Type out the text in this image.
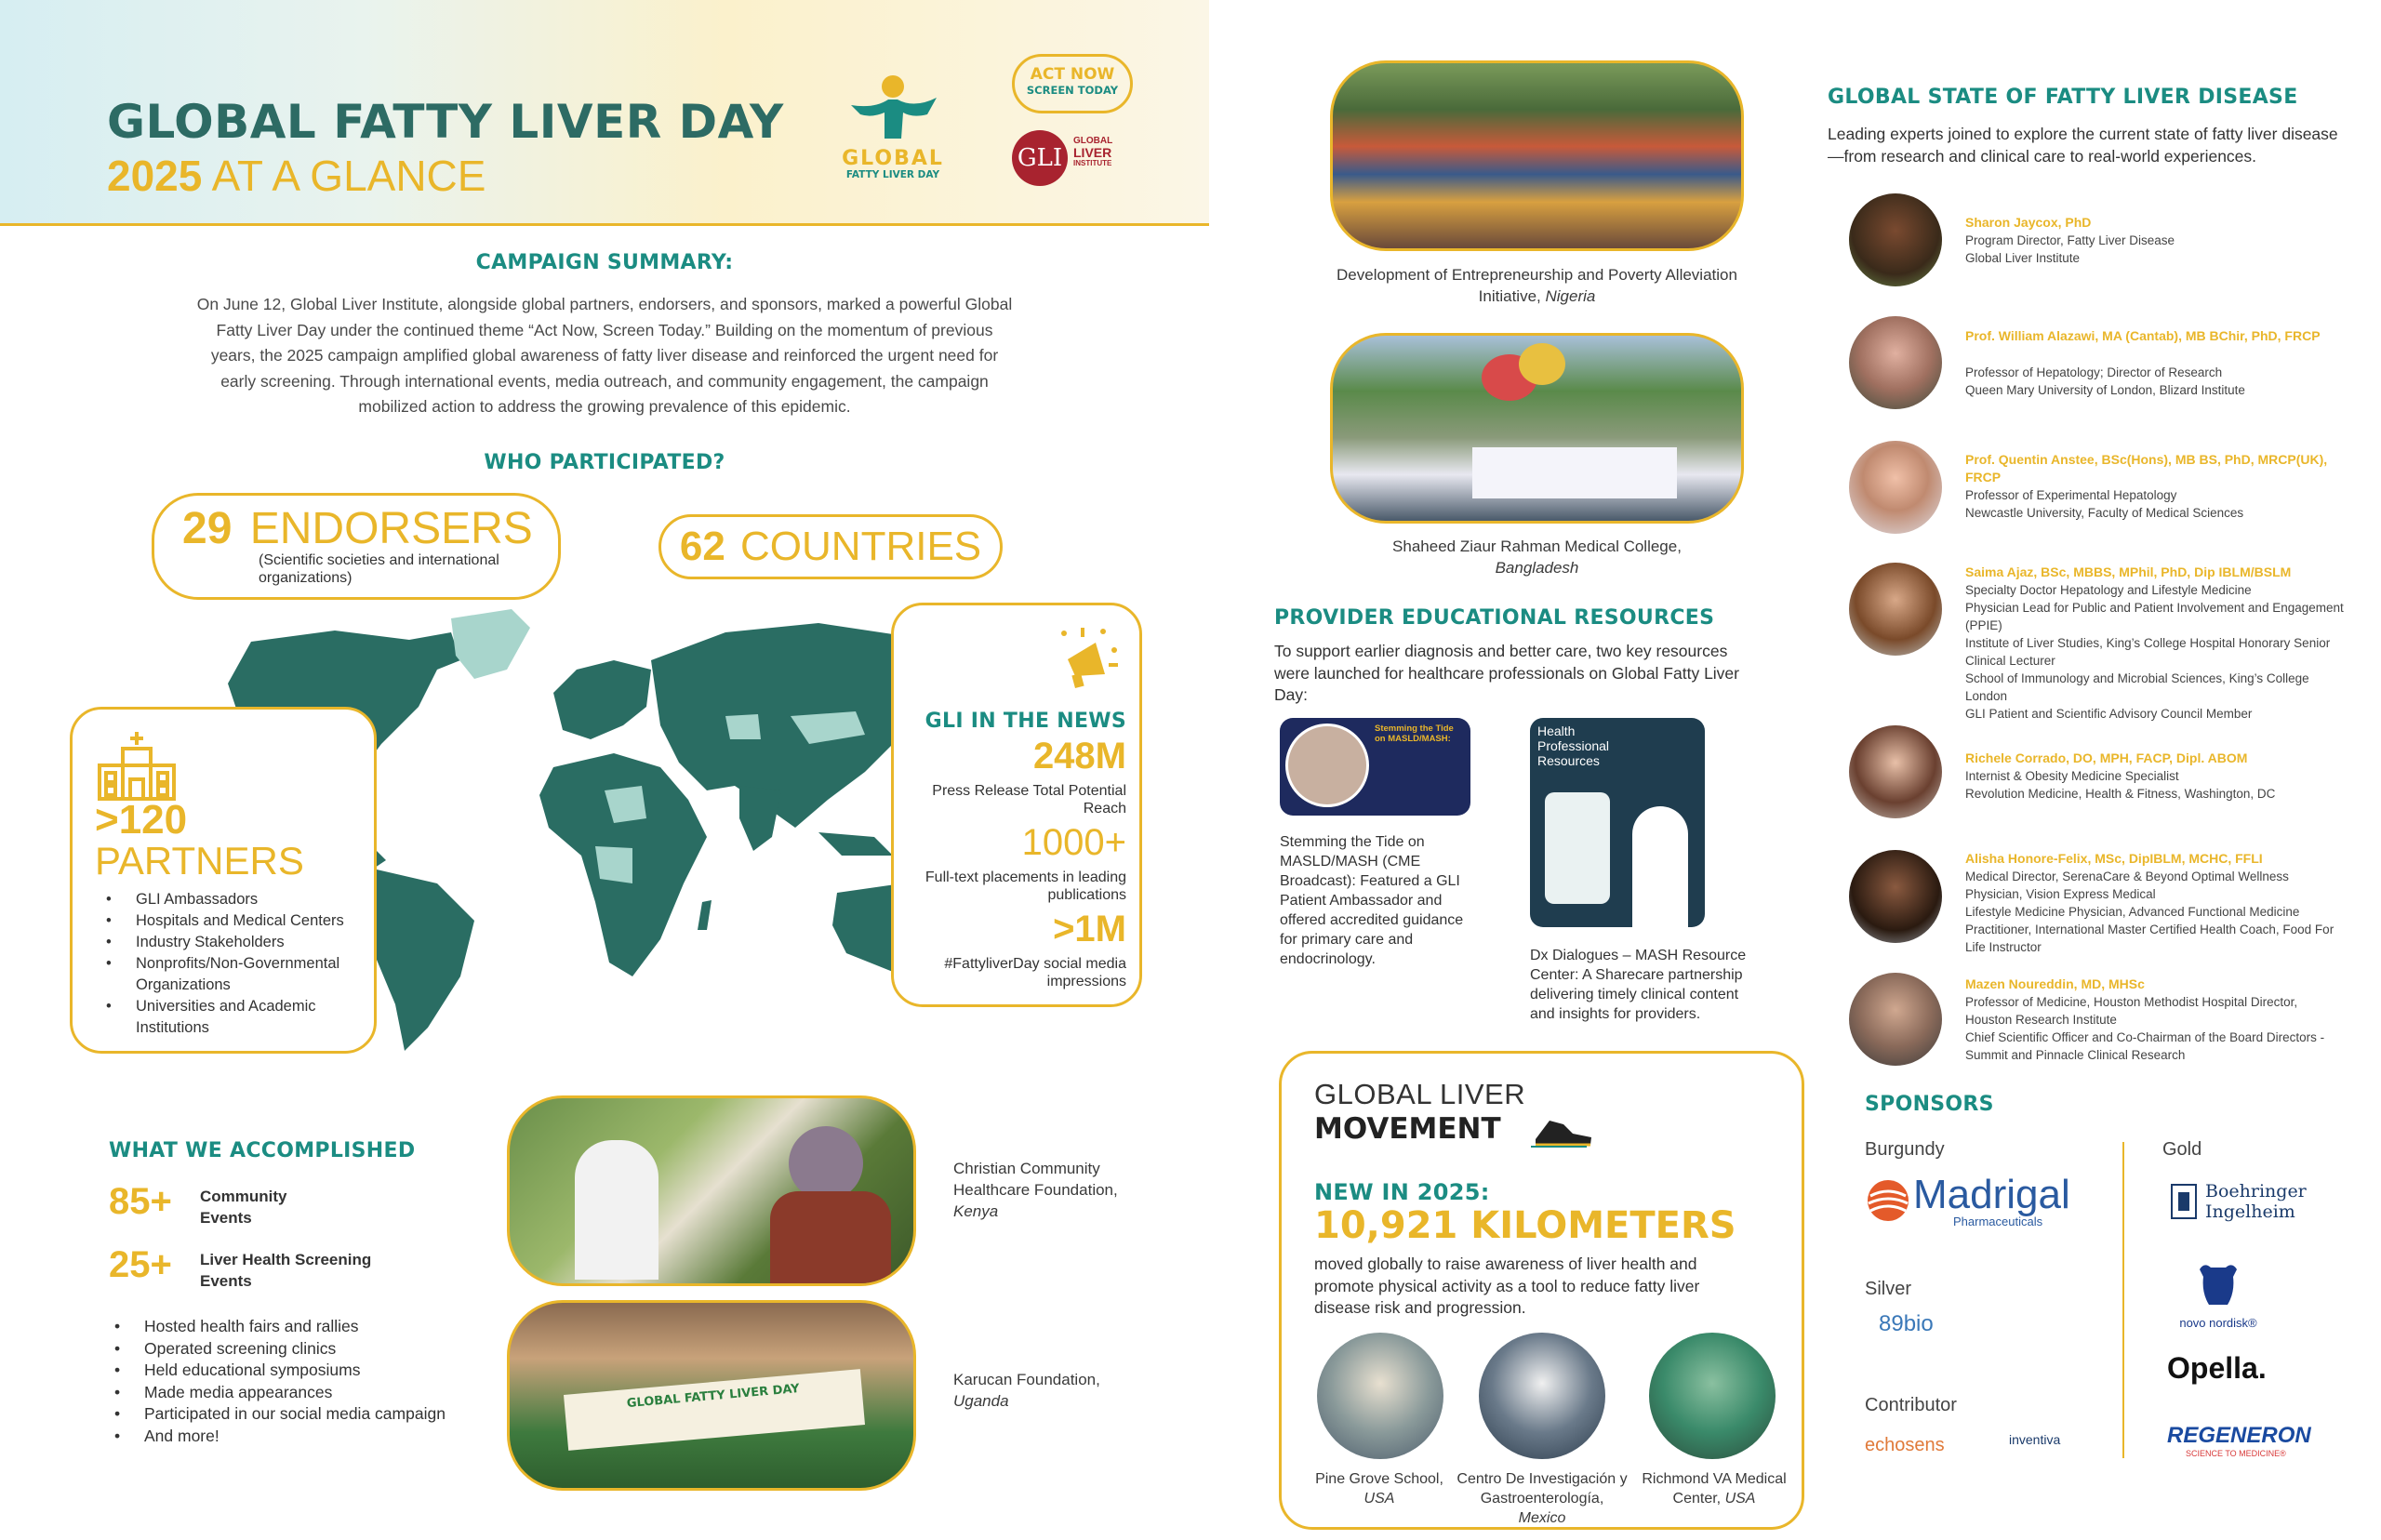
GLOBAL FATTY LIVER DAY
2025 AT A GLANCE	GLOBAL
FATTY LIVER DAY
ACT NOW
SCREEN TODAY
GLI
GLOBAL
LIVER
INSTITUTE
CAMPAIGN SUMMARY:
On June 12, Global Liver Institute, alongside global partners, endorsers, and sponsors, marked a powerful Global Fatty Liver Day under the continued theme “Act Now, Screen Today.” Building on the momentum of previous years, the 2025 campaign amplified global awareness of fatty liver disease and reinforced the urgent need for early screening. Through international events, media outreach, and community engagement, the campaign mobilized action to address the growing prevalence of this epidemic.
WHO PARTICIPATED?
29 ENDORSERS
(Scientific societies and international organizations)
62 COUNTRIES
>120
PARTNERS
• GLI Ambassadors
• Hospitals and Medical Centers
• Industry Stakeholders
• Nonprofits/Non-Governmental Organizations
• Universities and Academic Institutions
GLI IN THE NEWS
248M
Press Release Total Potential Reach
1000+
Full-text placements in leading publications
>1M
#FattyliverDay social media impressions
WHAT WE ACCOMPLISHED
85+ Community Events
25+ Liver Health Screening Events
• Hosted health fairs and rallies
• Operated screening clinics
• Held educational symposiums
• Made media appearances
• Participated in our social media campaign
• And more!
Christian Community Healthcare Foundation,
Kenya
GLOBAL FATTY LIVER DAY
Karucan Foundation,
Uganda
Development of Entrepreneurship and Poverty Alleviation Initiative, Nigeria
Shaheed Ziaur Rahman Medical College,
Bangladesh
PROVIDER EDUCATIONAL RESOURCES
To support earlier diagnosis and better care, two key resources were launched for healthcare professionals on Global Fatty Liver Day:
Stemming the Tide on MASLD/MASH:
Stemming the Tide on MASLD/MASH (CME Broadcast): Featured a GLI Patient Ambassador and offered accredited guidance for primary care and endocrinology.
Health Professional Resources
Dx Dialogues – MASH Resource Center: A Sharecare partnership delivering timely clinical content and insights for providers.
GLOBAL LIVER
MOVEMENT
NEW IN 2025:
10,921 KILOMETERS
moved globally to raise awareness of liver health and promote physical activity as a tool to reduce fatty liver disease risk and progression.
Pine Grove School,
USA
Centro De Investigación y Gastroenterología,
Mexico
Richmond VA Medical Center, USA
GLOBAL STATE OF FATTY LIVER DISEASE
Leading experts joined to explore the current state of fatty liver disease—from research and clinical care to real-world experiences.
Sharon Jaycox, PhD
Program Director, Fatty Liver Disease
Global Liver Institute
Prof. William Alazawi, MA (Cantab), MB BChir, PhD, FRCP
Professor of Hepatology; Director of Research
Queen Mary University of London, Blizard Institute
Prof. Quentin Anstee, BSc(Hons), MB BS, PhD, MRCP(UK), FRCP
Professor of Experimental Hepatology
Newcastle University, Faculty of Medical Sciences
Saima Ajaz, BSc, MBBS, MPhil, PhD, Dip IBLM/BSLM
Specialty Doctor Hepatology and Lifestyle Medicine
Physician Lead for Public and Patient Involvement and Engagement (PPIE)
Institute of Liver Studies, King’s College Hospital Honorary Senior Clinical Lecturer
School of Immunology and Microbial Sciences, King’s College London
GLI Patient and Scientific Advisory Council Member
Richele Corrado, DO, MPH, FACP, Dipl. ABOM
Internist & Obesity Medicine Specialist
Revolution Medicine, Health & Fitness, Washington, DC
Alisha Honore-Felix, MSc, DipIBLM, MCHC, FFLI
Medical Director, SerenaCare & Beyond Optimal Wellness Physician, Vision Express Medical
Lifestyle Medicine Physician, Advanced Functional Medicine Practitioner, International Master Certified Health Coach, Food For Life Instructor
Mazen Noureddin, MD, MHSc
Professor of Medicine, Houston Methodist Hospital Director, Houston Research Institute
Chief Scientific Officer and Co-Chairman of the Board Directors - Summit and Pinnacle Clinical Research
SPONSORS
Burgundy
Madrigal
Pharmaceuticals
Silver
89bio
Contributor
echosens	inventiva
Gold
Boehringer
Ingelheim
novo nordisk®
Opella.
REGENERON
SCIENCE TO MEDICINE®
